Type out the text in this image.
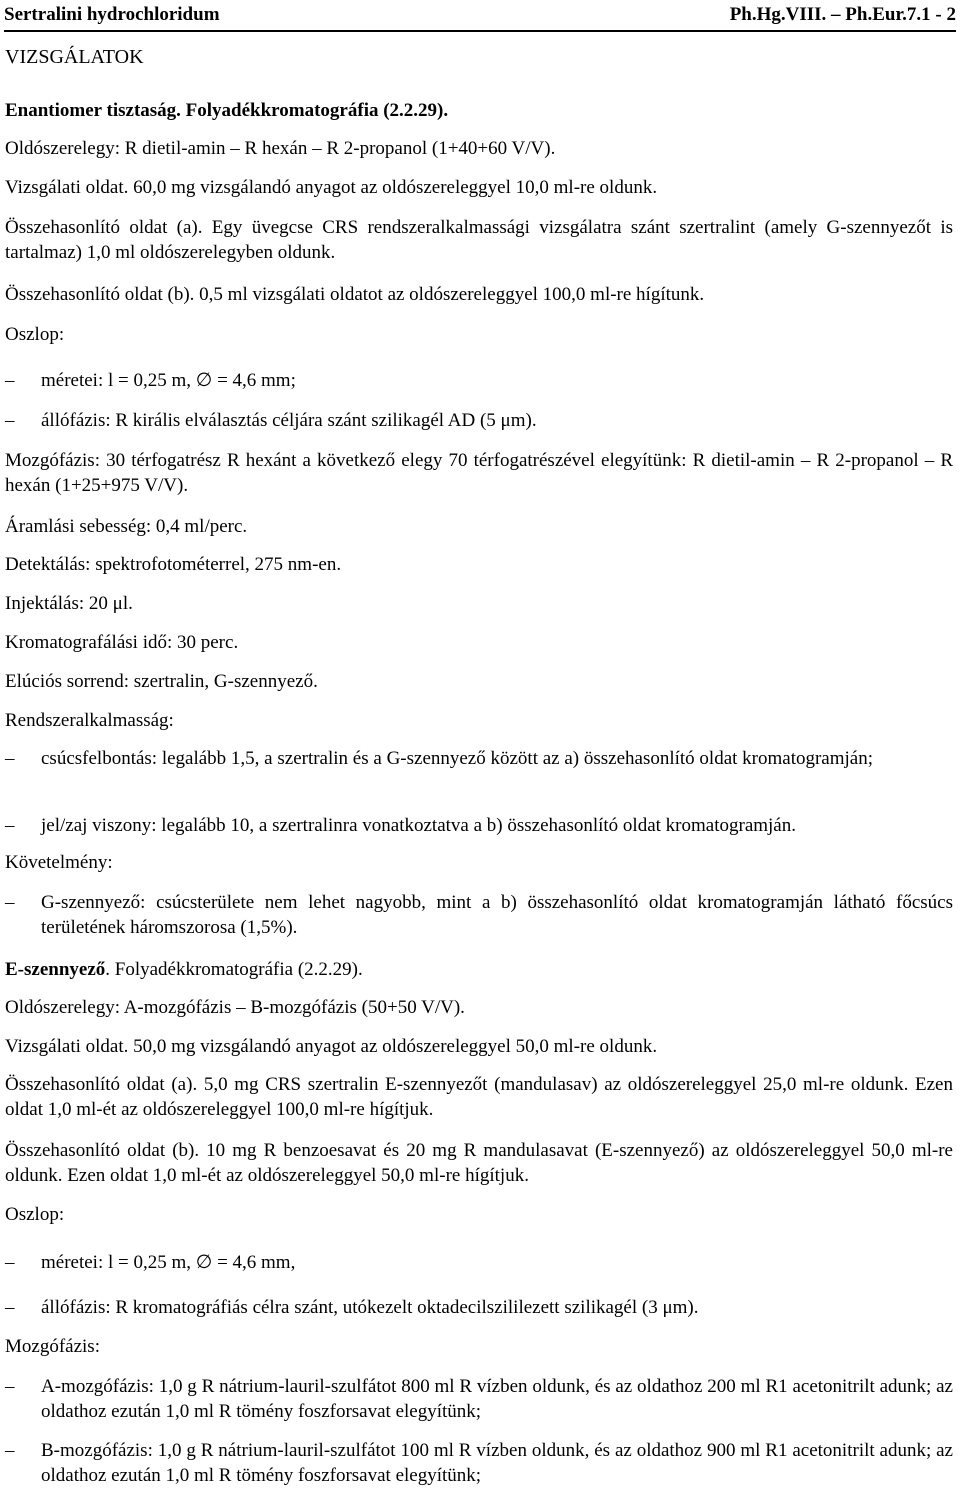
Sertralini hydrochloridum	Ph.Hg.VIII. – Ph.Eur.7.1 - 2

VIZSGÁLATOK

Enantiomer tisztaság. Folyadékkromatográfia (2.2.29).

Oldószerelegy: R dietil-amin – R hexán – R 2-propanol (1+40+60 V/V).

Vizsgálati oldat. 60,0 mg vizsgálandó anyagot az oldószereleggyel 10,0 ml-re oldunk.

Összehasonlító oldat (a). Egy üvegcse CRS rendszeralkalmassági vizsgálatra szánt szertralint (amely G-szennyezőt is tartalmaz) 1,0 ml oldószerelegyben oldunk.

Összehasonlító oldat (b). 0,5 ml vizsgálati oldatot az oldószereleggyel 100,0 ml-re hígítunk.

Oszlop:

– méretei: l = 0,25 m, ∅ = 4,6 mm;
– állófázis: R királis elválasztás céljára szánt szilikagél AD (5 μm).

Mozgófázis: 30 térfogatrész R hexánt a következő elegy 70 térfogatrészével elegyítünk: R dietil-amin – R 2-propanol – R hexán (1+25+975 V/V).

Áramlási sebesség: 0,4 ml/perc.

Detektálás: spektrofotométerrel, 275 nm-en.

Injektálás: 20 μl.

Kromatografálási idő: 30 perc.

Elúciós sorrend: szertralin, G-szennyező.

Rendszeralkalmasság:

– csúcsfelbontás: legalább 1,5, a szertralin és a G-szennyező között az a) összehasonlító oldat kromatogramján;
– jel/zaj viszony: legalább 10, a szertralinra vonatkoztatva a b) összehasonlító oldat kromatogramján.

Követelmény:

– G-szennyező: csúcsterülete nem lehet nagyobb, mint a b) összehasonlító oldat kromatogramján látható főcsúcs területének háromszorosa (1,5%).

E-szennyező. Folyadékkromatográfia (2.2.29).

Oldószerelegy: A-mozgófázis – B-mozgófázis (50+50 V/V).

Vizsgálati oldat. 50,0 mg vizsgálandó anyagot az oldószereleggyel 50,0 ml-re oldunk.

Összehasonlító oldat (a). 5,0 mg CRS szertralin E-szennyezőt (mandulasav) az oldószereleggyel 25,0 ml-re oldunk. Ezen oldat 1,0 ml-ét az oldószereleggyel 100,0 ml-re hígítjuk.

Összehasonlító oldat (b). 10 mg R benzoesavat és 20 mg R mandulasavat (E-szennyező) az oldószereleggyel 50,0 ml-re oldunk. Ezen oldat 1,0 ml-ét az oldószereleggyel 50,0 ml-re hígítjuk.

Oszlop:

– méretei: l = 0,25 m, ∅ = 4,6 mm,
– állófázis: R kromatográfiás célra szánt, utókezelt oktadecilszililezett szilikagél (3 μm).

Mozgófázis:

– A-mozgófázis: 1,0 g R nátrium-lauril-szulfátot 800 ml R vízben oldunk, és az oldathoz 200 ml R1 acetonitrilt adunk; az oldathoz ezután 1,0 ml R tömény foszforsavat elegyítünk;
– B-mozgófázis: 1,0 g R nátrium-lauril-szulfátot 100 ml R vízben oldunk, és az oldathoz 900 ml R1 acetonitrilt adunk; az oldathoz ezután 1,0 ml R tömény foszforsavat elegyítünk;
